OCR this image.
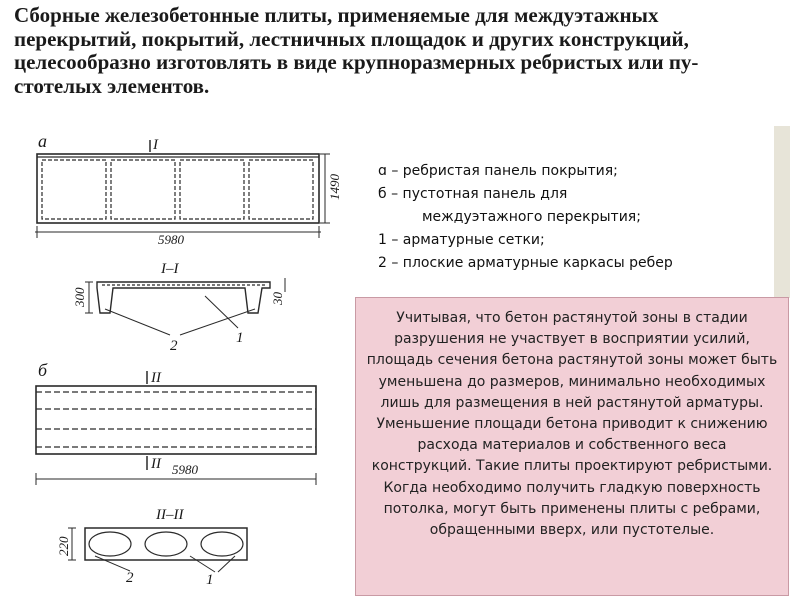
Сборные железобетонные плиты, применяемые для междуэтажных
перекрытий, покрытий, лестничных площадок и других конструкций,
целесообразно изготовлять в виде крупноразмерных ребристых или пу-
стотелых элементов.
а	I
5980
1490
I–I
300	30
1
2
б	II
II 5980
II–II
220
2	1
ɑ – ребристая панель покрытия;
б – пустотная панель для
междуэтажного перекрытия;
1 – арматурные сетки;
2 – плоские арматурные каркасы ребер

Учитывая, что бетон растянутой зоны в стадии разрушения не участвует в восприятии усилий, площадь сечения бетона растянутой зоны может быть уменьшена до размеров, минимально необходимых лишь для размещения в ней растянутой арматуры. Уменьшение площади бетона приводит к снижению расхода материалов и собственного веса конструкций. Такие плиты проектируют ребристыми. Когда необходимо получить гладкую поверхность потолка, могут быть применены плиты с ребрами, обращенными вверх, или пустотелые.
